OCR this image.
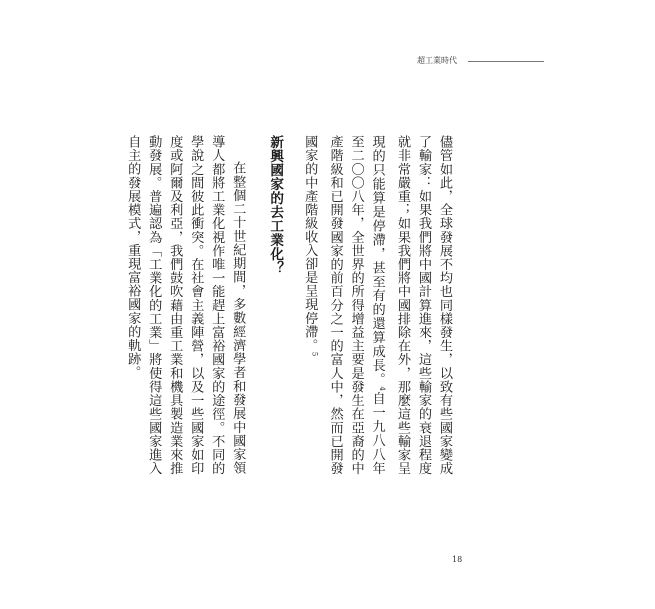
超工業時代

儘管如此，全球發展不均也同樣發生，以致有些國家變成了輸家：如果我們將中國計算進來，這些輸家的衰退程度就非常嚴重；如果我們將中國排除在外，那麼這些輸家呈現的只能算是停滯，甚至有的還算成長。$^4$自一九八八年至二〇〇八年，全世界的所得增益主要是發生在亞裔的中產階級和已開發國家的前百分之一的富人中，然而已開發國家的中產階級收入卻是呈現停滯。$^5$

新興國家的去工業化？

在整個二十世紀期間，多數經濟學者和發展中國家領導人都將工業化視作唯一能趕上富裕國家的途徑。不同的學說之間彼此衝突。在社會主義陣營，以及一些國家如印度或阿爾及利亞，我們鼓吹藉由重工業和機具製造業來推動發展。普遍認為「工業化的工業」將使得這些國家進入自主的發展模式，重現富裕國家的軌跡。

18
